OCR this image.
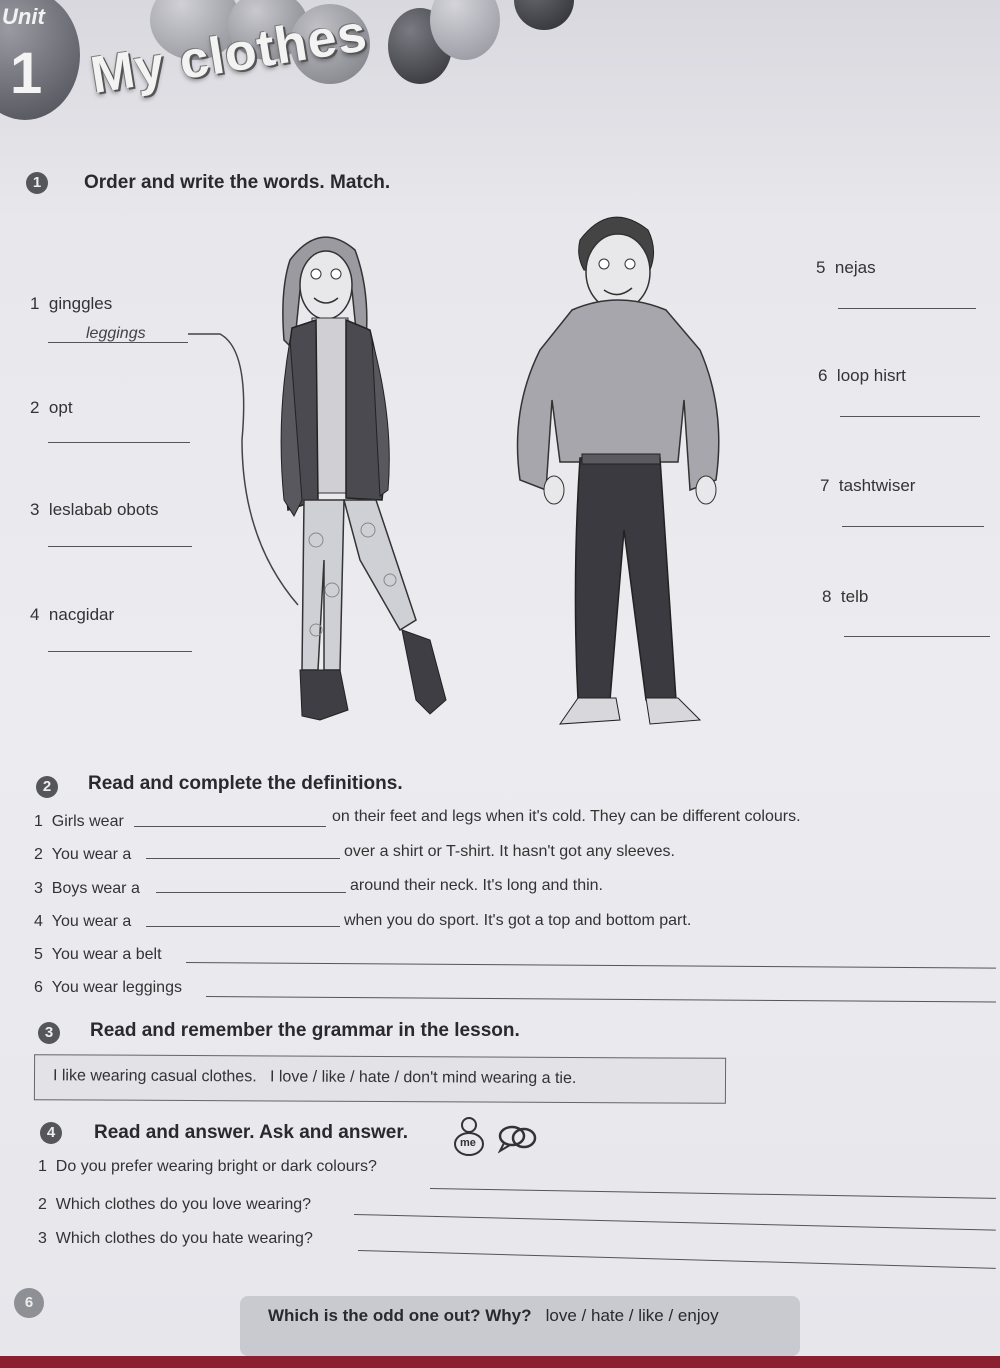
Unit
1 My clothes
1	Order and write the words. Match.
1 ginggles
leggings
2 opt
3 leslabab obots
4 nacgidar
5 nejas
6 loop hisrt
7 tashtwiser
8 telb
2	Read and complete the definitions.
1 Girls wear	on their feet and legs when it's cold. They can be different colours.
2 You wear a	over a shirt or T-shirt. It hasn't got any sleeves.
3 Boys wear a	around their neck. It's long and thin.
4 You wear a	when you do sport. It's got a top and bottom part.
5 You wear a belt
6 You wear leggings
3	Read and remember the grammar in the lesson.
I like wearing casual clothes. I love / like / hate / don't mind wearing a tie.
4	Read and answer. Ask and answer.	me
1 Do you prefer wearing bright or dark colours?
2 Which clothes do you love wearing?
3 Which clothes do you hate wearing?
6
Which is the odd one out? Why? love / hate / like / enjoy
